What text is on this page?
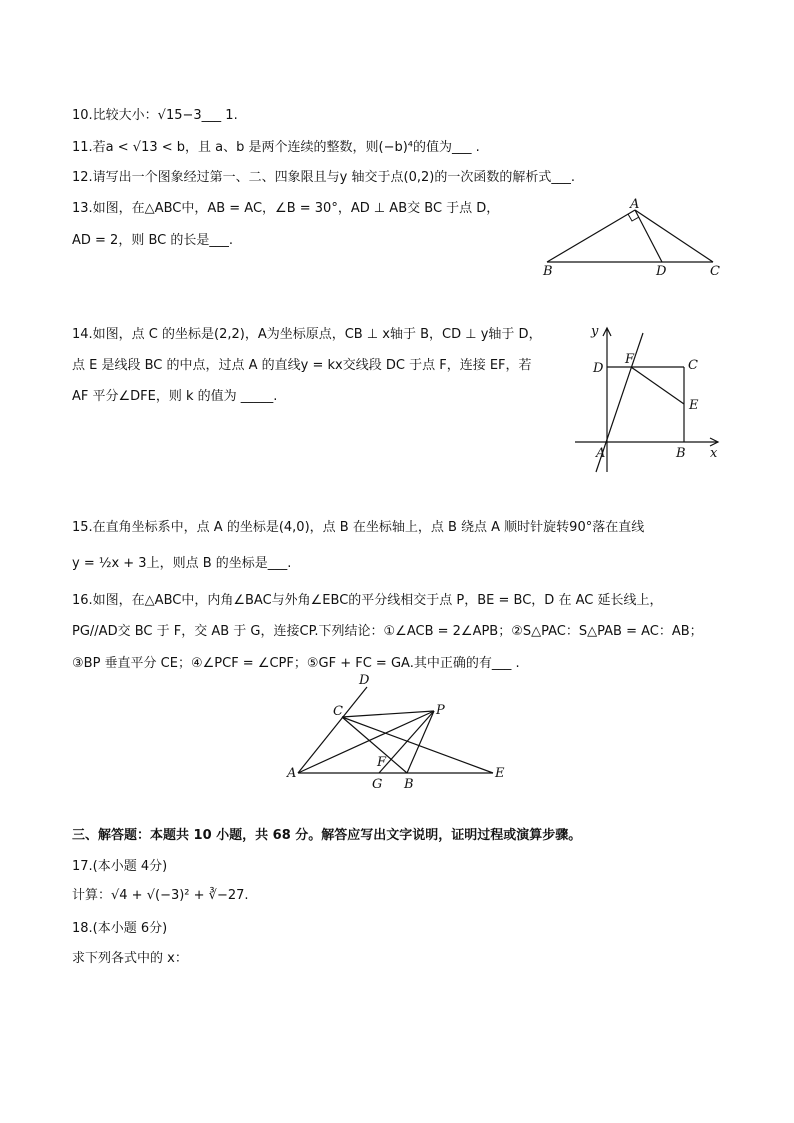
10.比较大小：√15−3___ 1.
11.若a < √13 < b，且 a、b 是两个连续的整数，则(−b)⁴的值为___ .
12.请写出一个图象经过第一、二、四象限且与y 轴交于点(0,2)的一次函数的解析式___.
13.如图，在△ABC中，AB = AC，∠B = 30°，AD ⊥ AB交 BC 于点 D，
AD = 2，则 BC 的长是___.
14.如图，点 C 的坐标是(2,2)，A为坐标原点，CB ⊥ x轴于 B，CD ⊥ y轴于 D，
点 E 是线段 BC 的中点，过点 A 的直线y = kx交线段 DC 于点 F，连接 EF，若
AF 平分∠DFE，则 k 的值为 _____.
15.在直角坐标系中，点 A 的坐标是(4,0)，点 B 在坐标轴上，点 B 绕点 A 顺时针旋转90°落在直线
y = ½x + 3上，则点 B 的坐标是___.
16.如图，在△ABC中，内角∠BAC与外角∠EBC的平分线相交于点 P，BE = BC，D 在 AC 延长线上，
PG//AD交 BC 于 F，交 AB 于 G，连接CP.下列结论：①∠ACB = 2∠APB；②S△PAC：S△PAB = AC：AB；
③BP 垂直平分 CE；④∠PCF = ∠CPF；⑤GF + FC = GA.其中正确的有___ .
三、解答题：本题共 10 小题，共 68 分。解答应写出文字说明，证明过程或演算步骤。
17.(本小题 4分)
计算：√4 + √(−3)² + ∛−27.
18.(本小题 6分)
求下列各式中的 x：
A
B	D	C
y
D
F	C
E
A	B x
D
C	P
F
A
G B
E
